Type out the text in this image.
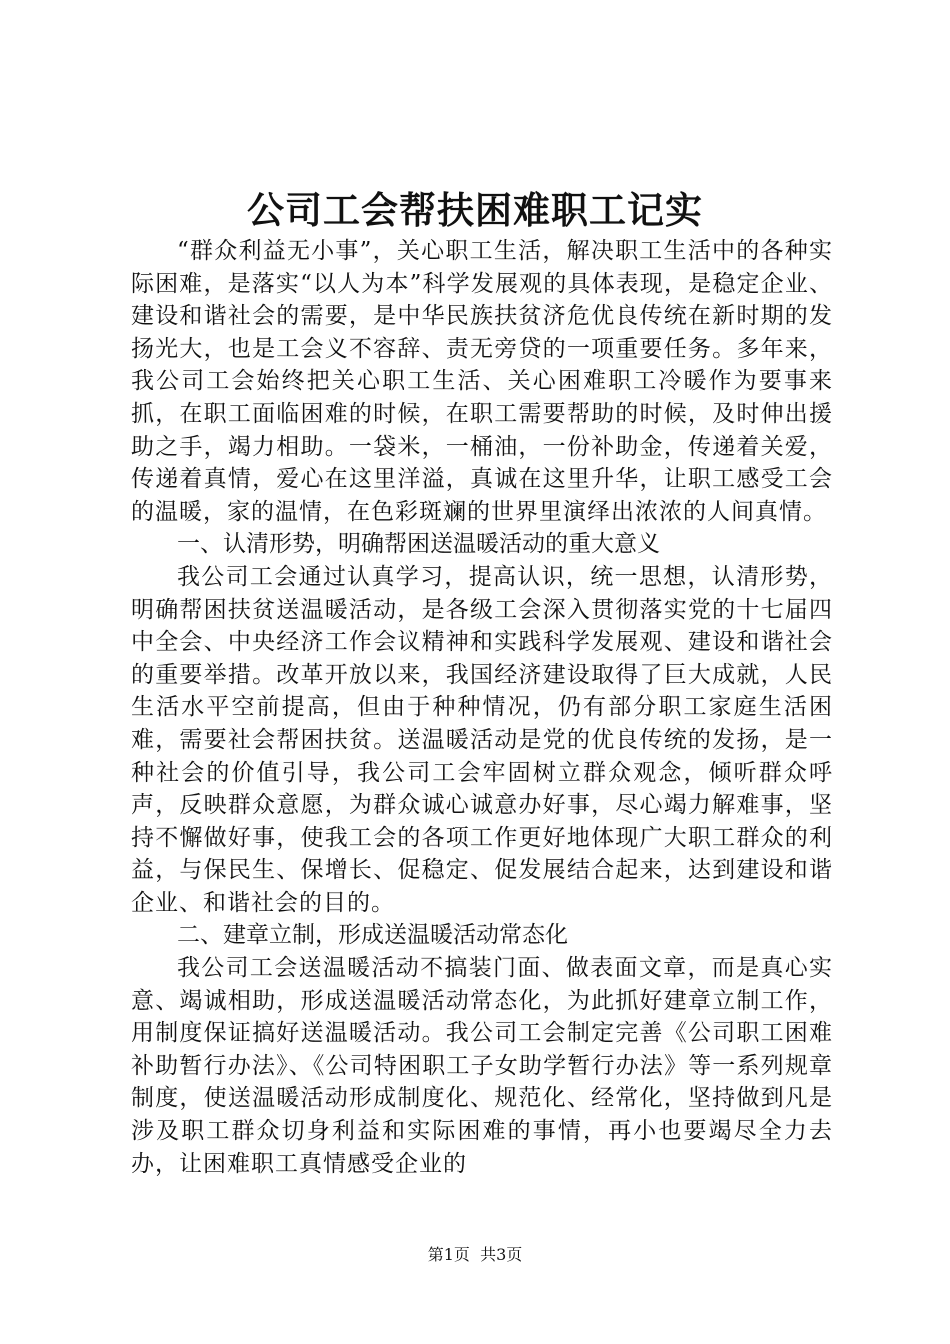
公司工会帮扶困难职工记实

“群众利益无小事”，关心职工生活，解决职工生活中的各种实际困难，是落实“以人为本”科学发展观的具体表现，是稳定企业、建设和谐社会的需要，是中华民族扶贫济危优良传统在新时期的发扬光大，也是工会义不容辞、责无旁贷的一项重要任务。多年来，我公司工会始终把关心职工生活、关心困难职工冷暖作为要事来抓，在职工面临困难的时候，在职工需要帮助的时候，及时伸出援助之手，竭力相助。一袋米，一桶油，一份补助金，传递着关爱，传递着真情，爱心在这里洋溢，真诚在这里升华，让职工感受工会的温暖，家的温情，在色彩斑斓的世界里演绎出浓浓的人间真情。

一、认清形势，明确帮困送温暖活动的重大意义

我公司工会通过认真学习，提高认识，统一思想，认清形势，明确帮困扶贫送温暖活动，是各级工会深入贯彻落实党的十七届四中全会、中央经济工作会议精神和实践科学发展观、建设和谐社会的重要举措。改革开放以来，我国经济建设取得了巨大成就，人民生活水平空前提高，但由于种种情况，仍有部分职工家庭生活困难，需要社会帮困扶贫。送温暖活动是党的优良传统的发扬，是一种社会的价值引导，我公司工会牢固树立群众观念，倾听群众呼声，反映群众意愿，为群众诚心诚意办好事，尽心竭力解难事，坚持不懈做好事，使我工会的各项工作更好地体现广大职工群众的利益，与保民生、保增长、促稳定、促发展结合起来，达到建设和谐企业、和谐社会的目的。

二、建章立制，形成送温暖活动常态化

我公司工会送温暖活动不搞装门面、做表面文章，而是真心实意、竭诚相助，形成送温暖活动常态化，为此抓好建章立制工作，用制度保证搞好送温暖活动。我公司工会制定完善《公司职工困难补助暂行办法》、《公司特困职工子女助学暂行办法》等一系列规章制度，使送温暖活动形成制度化、规范化、经常化，坚持做到凡是涉及职工群众切身利益和实际困难的事情，再小也要竭尽全力去办，让困难职工真情感受企业的

第1页 共3页
